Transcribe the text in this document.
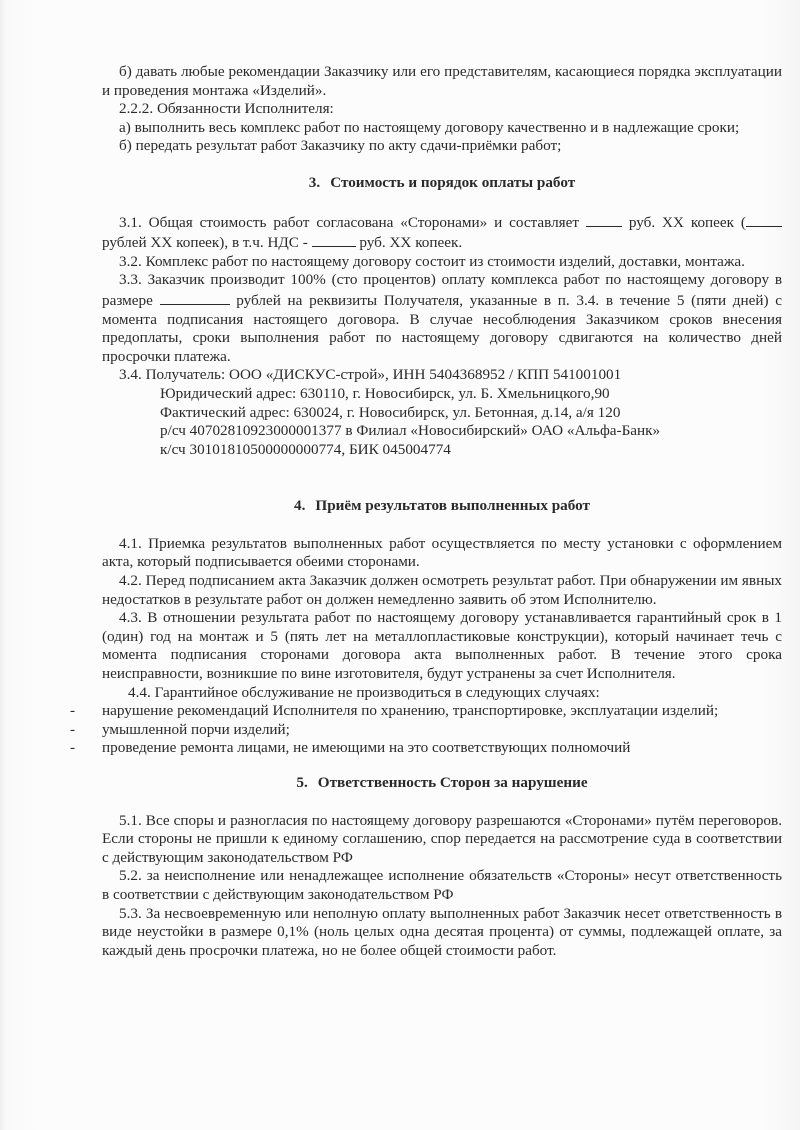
б) давать любые рекомендации Заказчику или его представителям, касающиеся порядка эксплуатации и проведения монтажа «Изделий».

2.2.2. Обязанности Исполнителя:

а) выполнить весь комплекс работ по настоящему договору качественно и в надлежащие сроки;

б) передать результат работ Заказчику по акту сдачи-приёмки работ;

3. Стоимость и порядок оплаты работ

3.1. Общая стоимость работ согласована «Сторонами» и составляет	руб. ХХ копеек (рублей ХХ копеек), в т.ч. НДС -	руб. ХХ копеек.

3.2. Комплекс работ по настоящему договору состоит из стоимости изделий, доставки, монтажа.

3.3. Заказчик производит 100% (сто процентов) оплату комплекса работ по настоящему договору в размере	рублей на реквизиты Получателя, указанные в п. 3.4. в течение 5 (пяти дней) с момента подписания настоящего договора. В случае несоблюдения Заказчиком сроков внесения предоплаты, сроки выполнения работ по настоящему договору сдвигаются на количество дней просрочки платежа.

3.4. Получатель: ООО «ДИСКУС-строй», ИНН 5404368952 / КПП 541001001

Юридический адрес: 630110, г. Новосибирск, ул. Б. Хмельницкого,90

Фактический адрес: 630024, г. Новосибирск, ул. Бетонная, д.14, а/я 120

р/сч 40702810923000001377 в Филиал «Новосибирский» ОАО «Альфа-Банк»

к/сч 30101810500000000774, БИК 045004774

4. Приём результатов выполненных работ

4.1. Приемка результатов выполненных работ осуществляется по месту установки с оформлением акта, который подписывается обеими сторонами.

4.2. Перед подписанием акта Заказчик должен осмотреть результат работ. При обнаружении им явных недостатков в результате работ он должен немедленно заявить об этом Исполнителю.

4.3. В отношении результата работ по настоящему договору устанавливается гарантийный срок в 1 (один) год на монтаж и 5 (пять лет на металлопластиковые конструкции), который начинает течь с момента подписания сторонами договора акта выполненных работ. В течение этого срока неисправности, возникшие по вине изготовителя, будут устранены за счет Исполнителя.

4.4. Гарантийное обслуживание не производиться в следующих случаях:

- нарушение рекомендаций Исполнителя по хранению, транспортировке, эксплуатации изделий;

- умышленной порчи изделий;

- проведение ремонта лицами, не имеющими на это соответствующих полномочий

5. Ответственность Сторон за нарушение

5.1. Все споры и разногласия по настоящему договору разрешаются «Сторонами» путём переговоров. Если стороны не пришли к единому соглашению, спор передается на рассмотрение суда в соответствии с действующим законодательством РФ

5.2. за неисполнение или ненадлежащее исполнение обязательств «Стороны» несут ответственность в соответствии с действующим законодательством РФ

5.3. За несвоевременную или неполную оплату выполненных работ Заказчик несет ответственность в виде неустойки в размере 0,1% (ноль целых одна десятая процента) от суммы, подлежащей оплате, за каждый день просрочки платежа, но не более общей стоимости работ.
